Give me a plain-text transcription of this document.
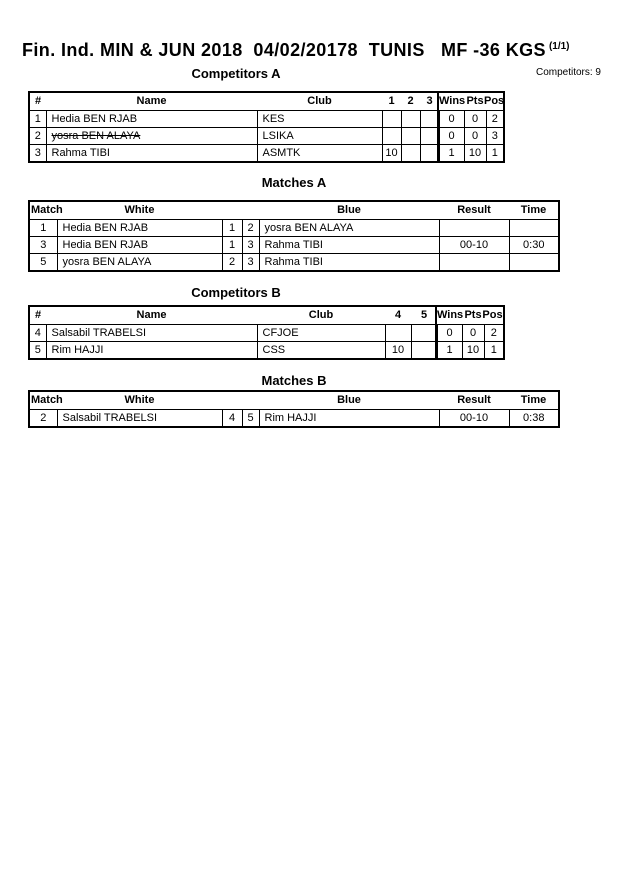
Fin. Ind. MIN & JUN 2018  04/02/20178  TUNIS   MF -36 KGS $^{(1/1)}$
Competitors A	Competitors: 9
#	Name	Club	1	2	3 Wins Pts Pos
1	Hedia BEN RJAB	KES				0	0	2
2	yosra BEN ALAYA	LSIKA				0	0	3
3	Rahma TIBI	ASMTK	10			1	10	1
Matches A
Match	White	Blue	Result	Time
1	Hedia BEN RJAB	1	2	yosra BEN ALAYA		
3	Hedia BEN RJAB	1	3	Rahma TIBI	00-10	0:30
5	yosra BEN ALAYA	2	3	Rahma TIBI		
Competitors B
#	Name	Club	4	5 Wins Pts Pos
4	Salsabil TRABELSI	CFJOE			0	0	2
5	Rim HAJJI	CSS	10		1	10	1
Matches B
Match	White	Blue	Result	Time
2	Salsabil TRABELSI	4	5	Rim HAJJI	00-10	0:38
